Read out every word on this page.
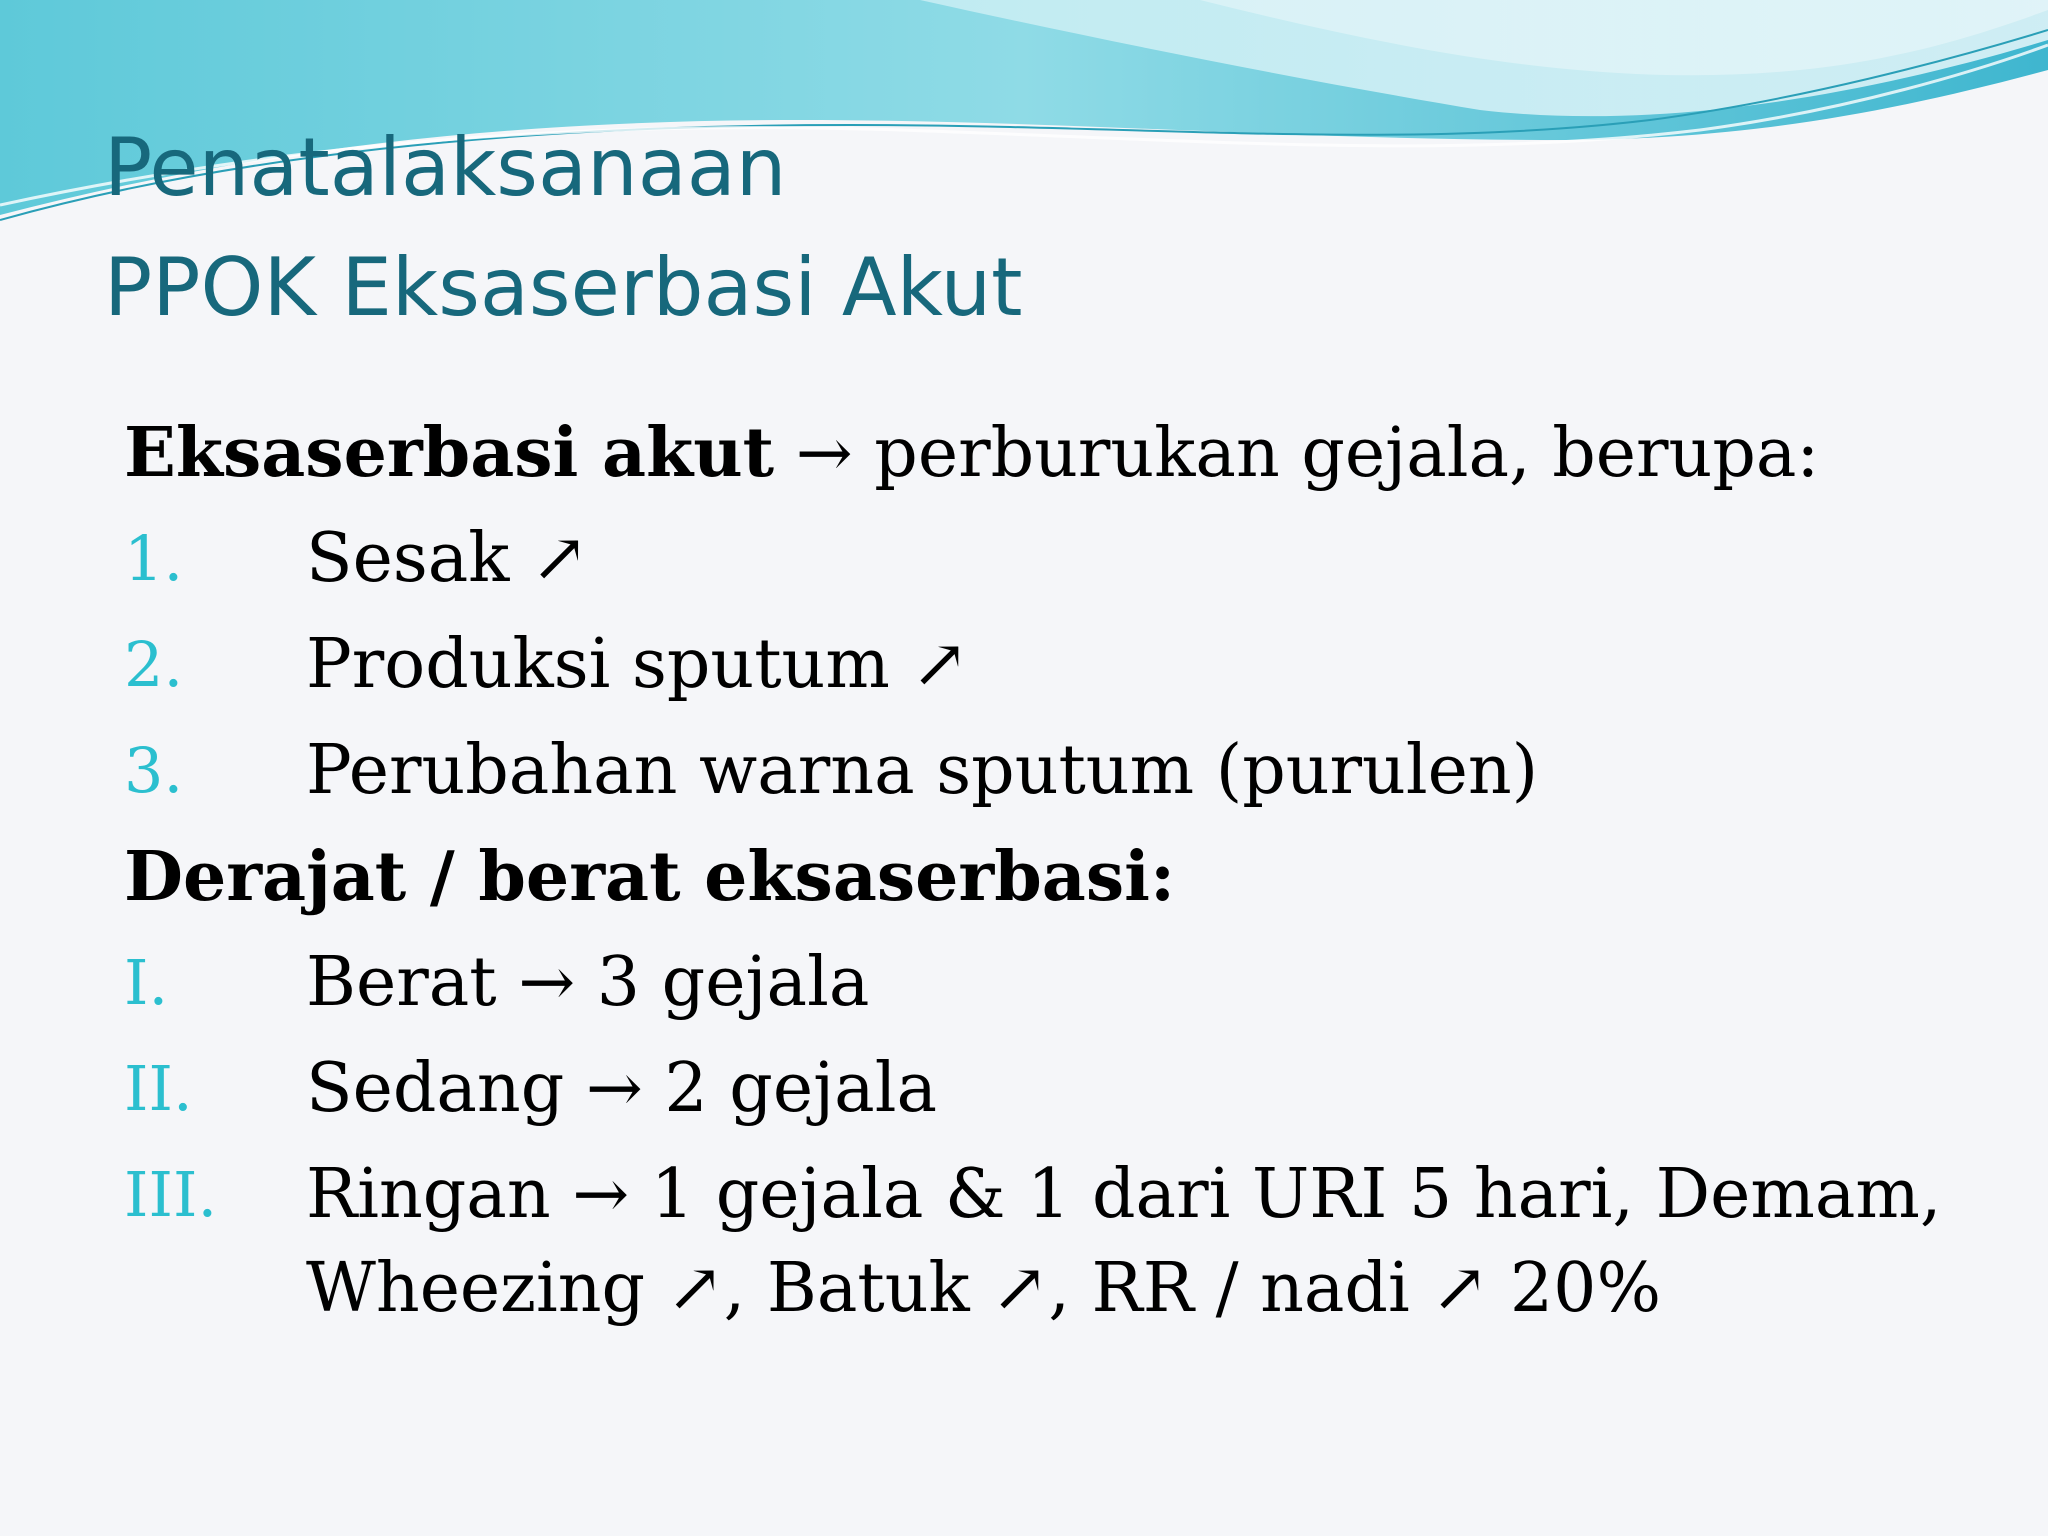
Penatalaksanaan
PPOK Eksaserbasi Akut
Eksaserbasi akut → perburukan gejala, berupa:
1. Sesak ↗
2. Produksi sputum ↗
3. Perubahan warna sputum (purulen)
Derajat / berat eksaserbasi:
I. Berat → 3 gejala
II. Sedang → 2 gejala
III. Ringan → 1 gejala & 1 dari URI 5 hari, Demam,
Wheezing ↗, Batuk ↗, RR / nadi ↗ 20%
